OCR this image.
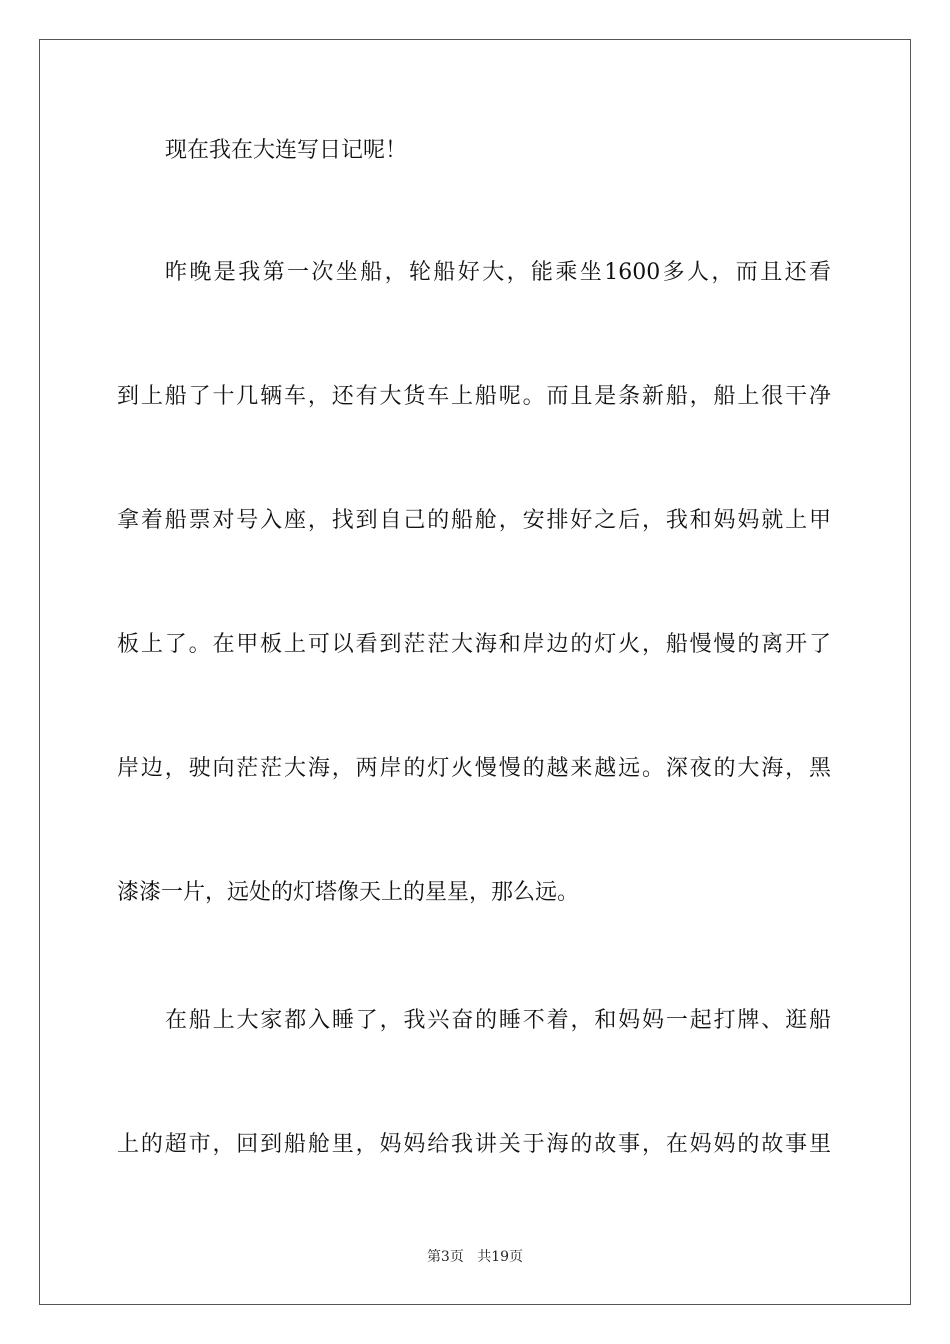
现在我在大连写日记呢！
昨晚是我第一次坐船，轮船好大，能乘坐1600多人，而且还看
到上船了十几辆车，还有大货车上船呢。而且是条新船，船上很干净
拿着船票对号入座，找到自己的船舱，安排好之后，我和妈妈就上甲
板上了。在甲板上可以看到茫茫大海和岸边的灯火，船慢慢的离开了
岸边，驶向茫茫大海，两岸的灯火慢慢的越来越远。深夜的大海，黑
漆漆一片，远处的灯塔像天上的星星，那么远。
在船上大家都入睡了，我兴奋的睡不着，和妈妈一起打牌、逛船
上的超市，回到船舱里，妈妈给我讲关于海的故事，在妈妈的故事里
第3页 共19页
